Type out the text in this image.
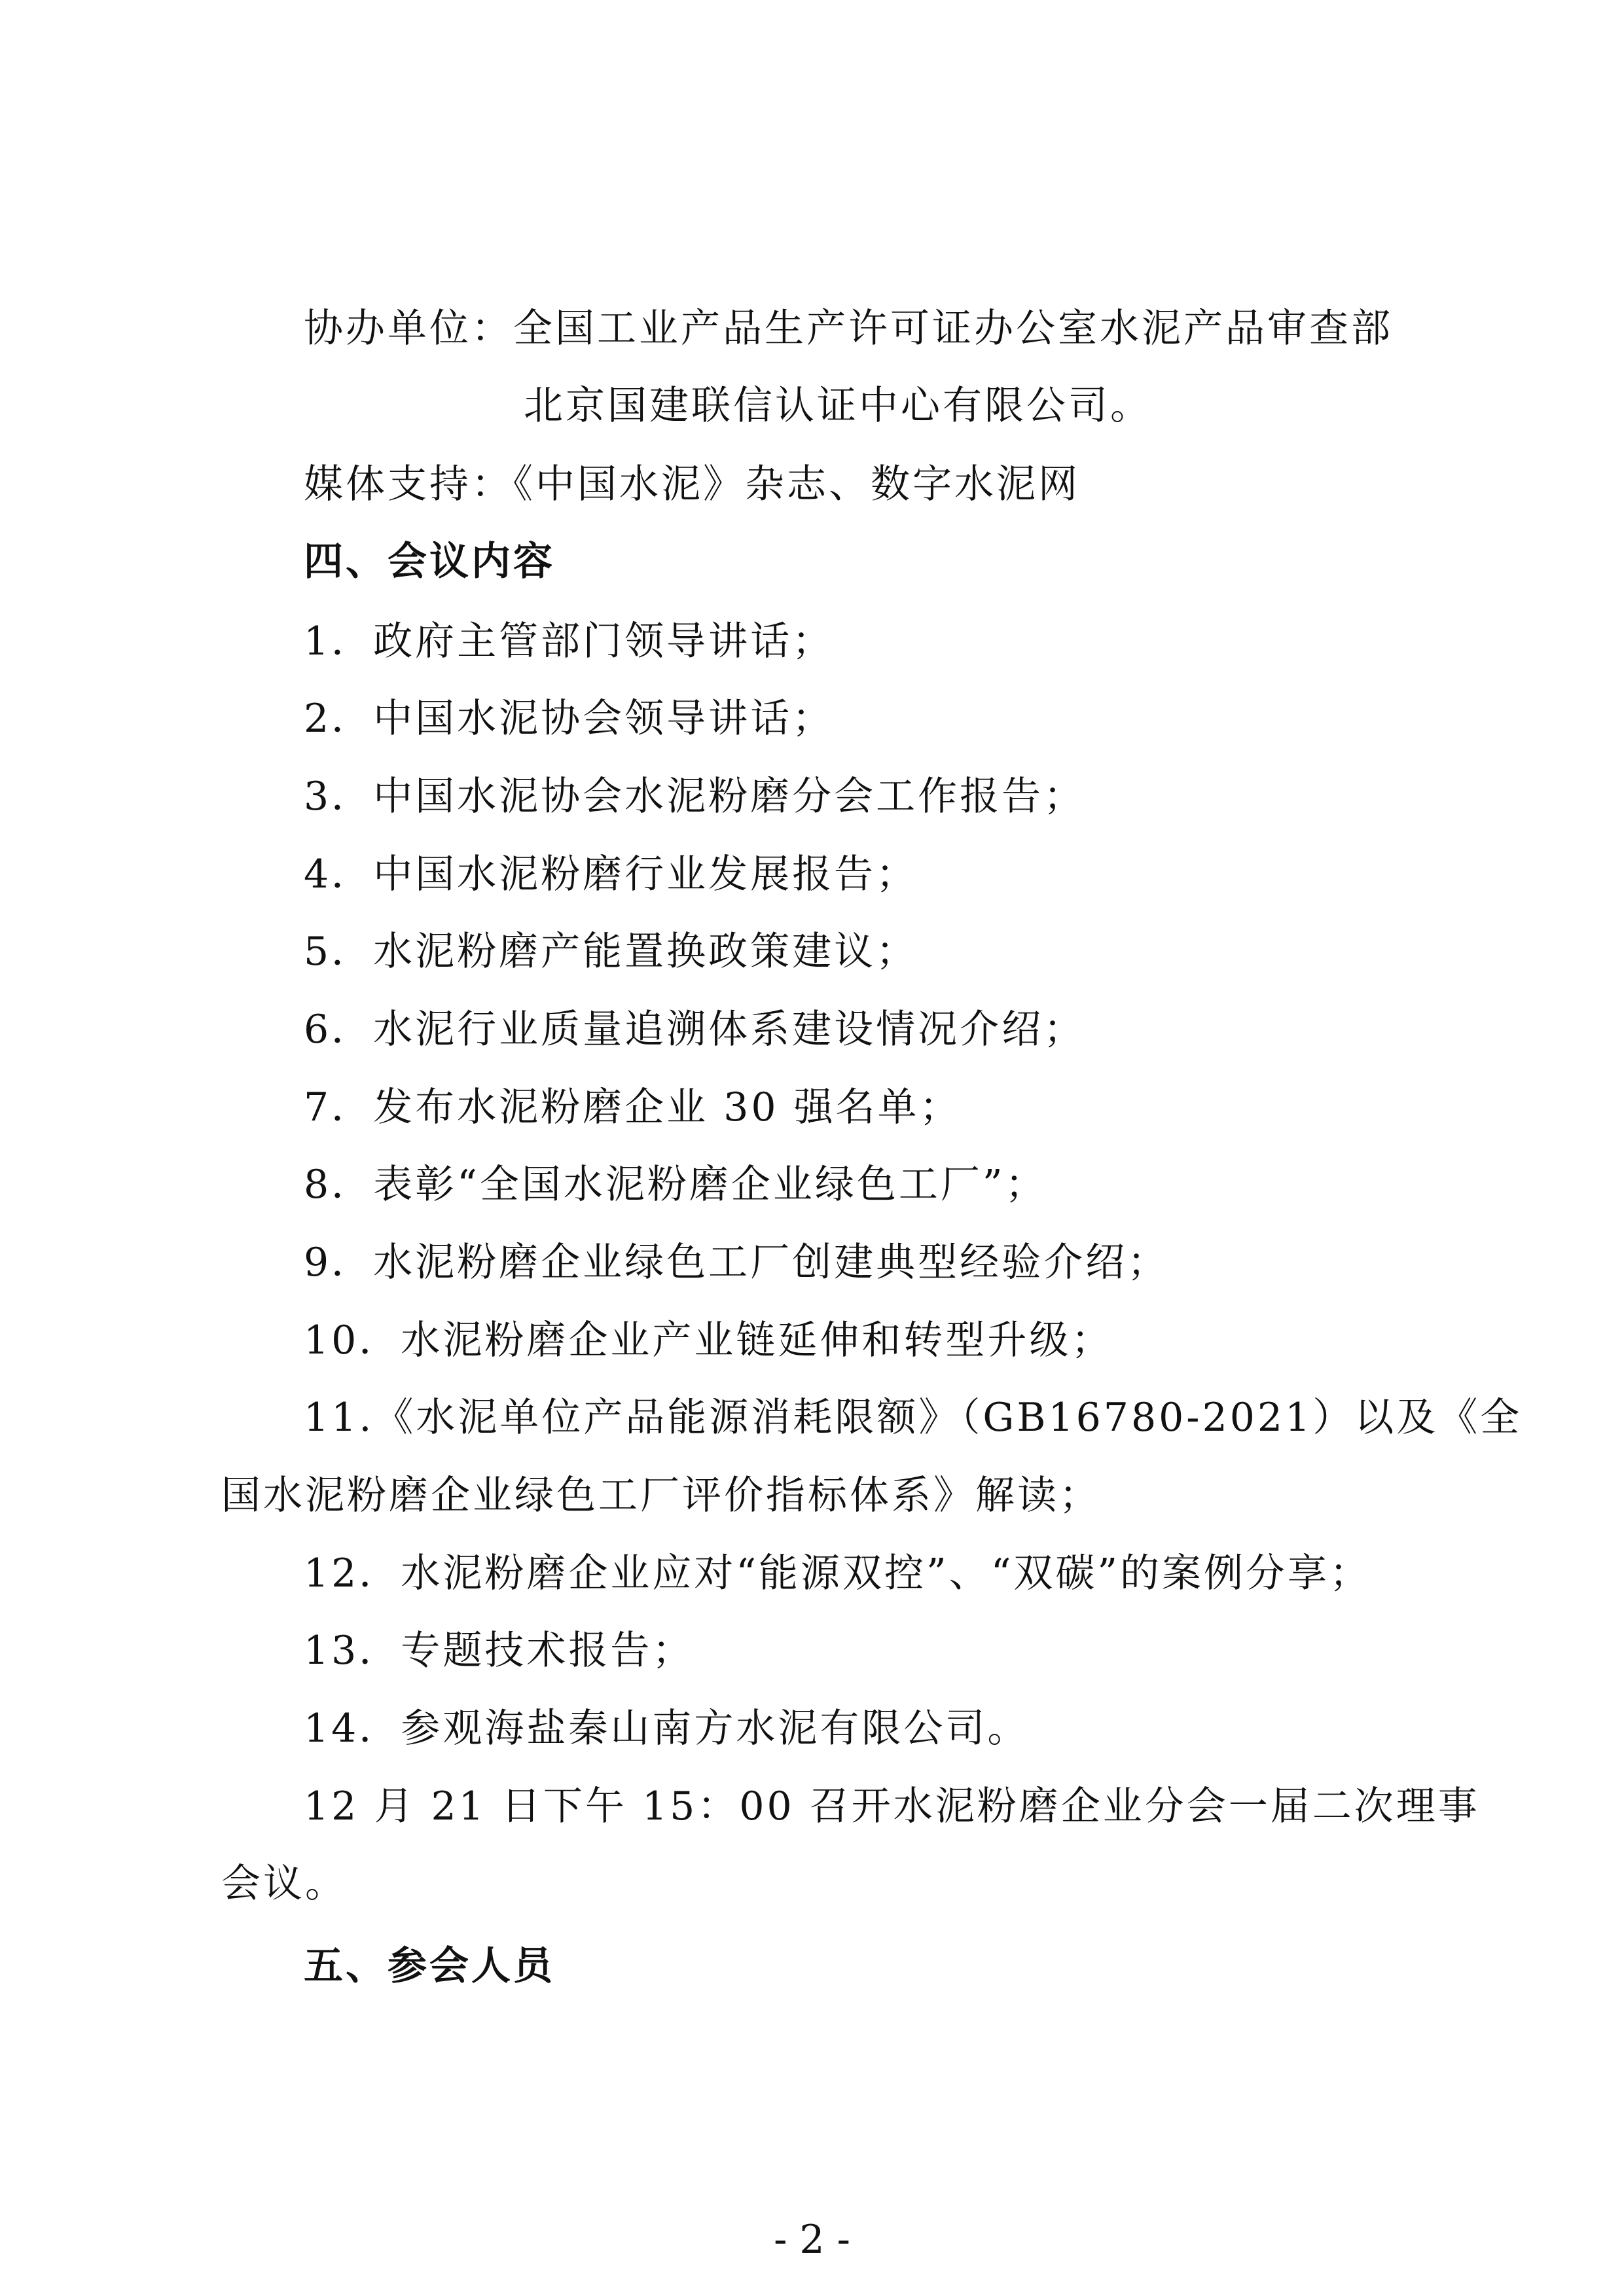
协办单位：全国工业产品生产许可证办公室水泥产品审查部
北京国建联信认证中心有限公司。
媒体支持：《中国水泥》杂志、数字水泥网
四、会议内容
1．政府主管部门领导讲话；
2．中国水泥协会领导讲话；
3．中国水泥协会水泥粉磨分会工作报告；
4．中国水泥粉磨行业发展报告；
5．水泥粉磨产能置换政策建议；
6．水泥行业质量追溯体系建设情况介绍；
7．发布水泥粉磨企业 30 强名单；
8．表彰“全国水泥粉磨企业绿色工厂”；
9．水泥粉磨企业绿色工厂创建典型经验介绍；
10．水泥粉磨企业产业链延伸和转型升级；
11.《水泥单位产品能源消耗限额》（GB16780-2021）以及《全
国水泥粉磨企业绿色工厂评价指标体系》解读；
12．水泥粉磨企业应对“能源双控”、“双碳”的案例分享；
13．专题技术报告；
14．参观海盐秦山南方水泥有限公司。
12 月 21 日下午 15：00 召开水泥粉磨企业分会一届二次理事
会议。
五、参会人员
- 2 -
